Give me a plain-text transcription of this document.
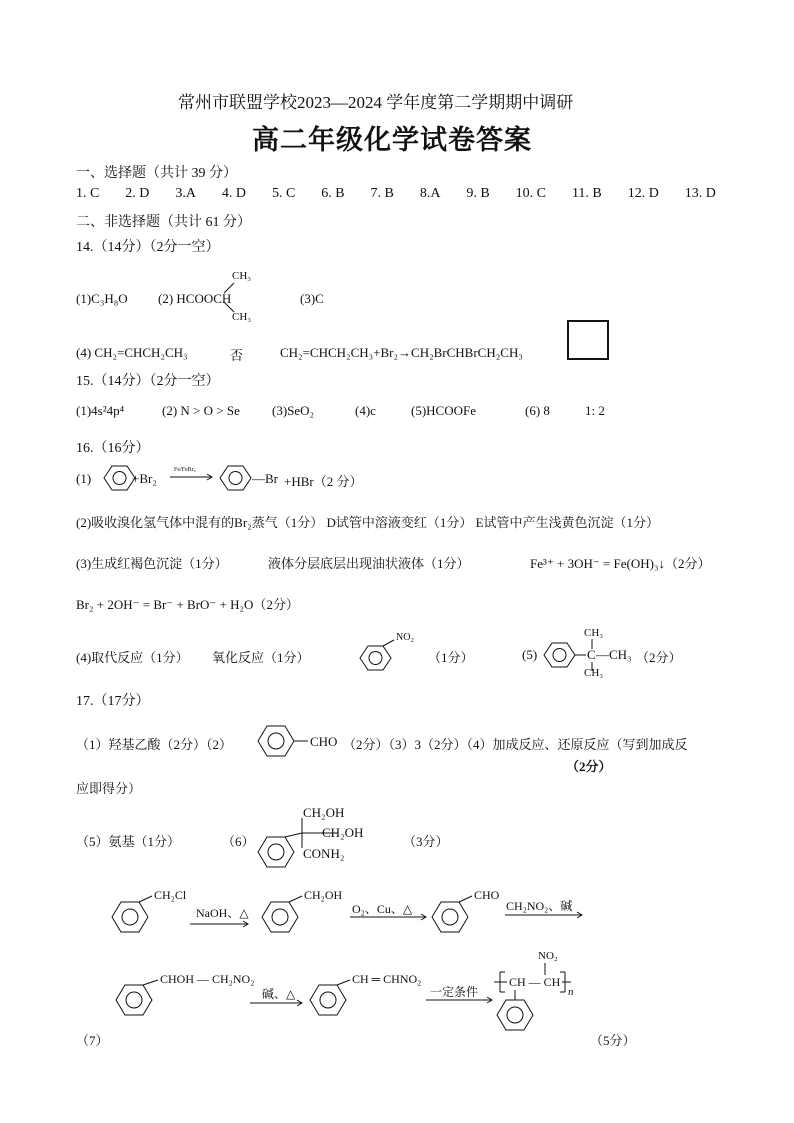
常州市联盟学校2023—2024 学年度第二学期期中调研
高二年级化学试卷答案
一、选择题（共计 39 分）
1. C 2. D 3.A 4. D 5. C 6. B 7. B 8.A 9. B 10. C 11. B 12. D 13. D
二、非选择题（共计 61 分）
14.（14分）（2分一空）
(1)C₃H₈O (2) HCOOCH
CH₃
CH₃
(3)C
(4) CH₂=CHCH₂CH₃	否	CH₂=CHCH₂CH₃+Br₂→CH₂BrCHBrCH₂CH₃
15.（14分）（2分一空）
(1)4s²4p⁴	(2) N > O > Se (3)SeO₂	(4)c	(5)HCOOFe	(6) 8	1: 2
16.（16分）
(1)	+Br₂
Fe/FeBr₃
—Br +HBr（2 分）
(2)吸收溴化氢气体中混有的Br₂蒸气（1分） D试管中溶液变红（1分） E试管中产生浅黄色沉淀（1分）
(3)生成红褐色沉淀（1分）	液体分层底层出现油状液体（1分）	Fe³⁺ + 3OH⁻ = Fe(OH)₃↓（2分）
Br₂ + 2OH⁻ = Br⁻ + BrO⁻ + H₂O（2分）
(4)取代反应（1分） 氧化反应（1分）
NO₂
（1分）	(5)
CH₃
C —CH₃
CH₃
（2分）
17.（17分）
（1）羟基乙酸（2分）（2）	CHO （2分）（3）3（2分）（4）加成反应、还原反应（写到加成反
（2分）
应即得分）
（5）氨基（1分）	（6）
CH₂OH
CH₂OH
CONH₂
（3分）
CH₂Cl
NaOH、△
CH₂OH
O₂、Cu、△
CHO
CH₂NO₂、碱
CHOH — CH₂NO₂
碱、△
CH ═ CHNO₂
一定条件
NO₂
CH — CH
n
（7）	（5分）
